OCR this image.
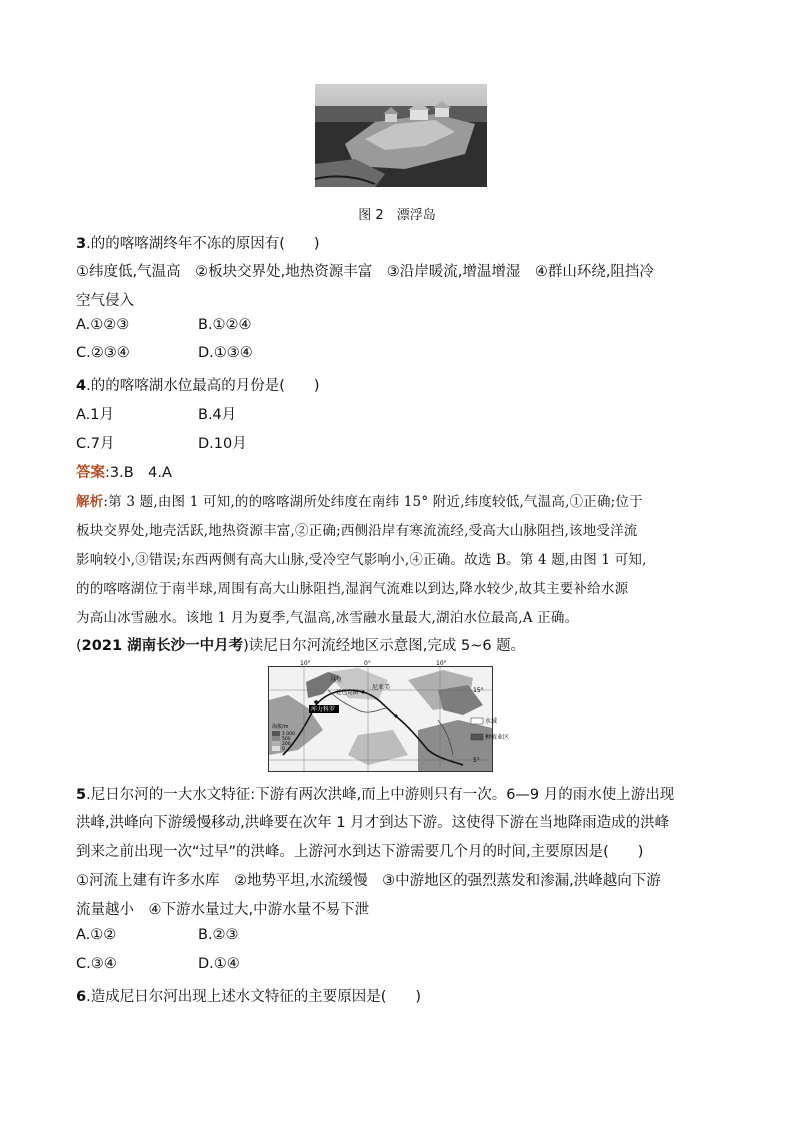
图 2　漂浮岛
3.的的喀喀湖终年不冻的原因有(　　)
①纬度低,气温高　②板块交界处,地热资源丰富　③沿岸暖流,增温增湿　④群山环绕,阻挡冷
空气侵入
A.①②③	B.①②④
C.②③④	D.①③④
4.的的喀喀湖水位最高的月份是(　　)
A.1月	B.4月
C.7月	D.10月
答案:3.B　4.A
解析:第 3 题,由图 1 可知,的的喀喀湖所处纬度在南纬 15° 附近,纬度较低,气温高,①正确;位于
板块交界处,地壳活跃,地热资源丰富,②正确;西侧沿岸有寒流流经,受高大山脉阻挡,该地受洋流
影响较小,③错误;东西两侧有高大山脉,受冷空气影响小,④正确。故选 B。第 4 题,由图 1 可知,
的的喀喀湖位于南半球,周围有高大山脉阻挡,湿润气流难以到达,降水较少,故其主要补给水源
为高山冰雪融水。该地 1 月为夏季,气温高,冰雪融水量最大,湖泊水位最高,A 正确。
(2021 湖南长沙一中月考)读尼日尔河流经地区示意图,完成 5~6 题。
10°	0°	10°
15°
5°
马里
尼亚美
廷巴克图
库力科罗
海拔/m
1 000
500
200
0
水域
种植业区
5.尼日尔河的一大水文特征:下游有两次洪峰,而上中游则只有一次。6—9 月的雨水使上游出现
洪峰,洪峰向下游缓慢移动,洪峰要在次年 1 月才到达下游。这使得下游在当地降雨造成的洪峰
到来之前出现一次“过早”的洪峰。上游河水到达下游需要几个月的时间,主要原因是(　　)
①河流上建有许多水库　②地势平坦,水流缓慢　③中游地区的强烈蒸发和渗漏,洪峰越向下游
流量越小　④下游水量过大,中游水量不易下泄
A.①②	B.②③
C.③④	D.①④
6.造成尼日尔河出现上述水文特征的主要原因是(　　)
